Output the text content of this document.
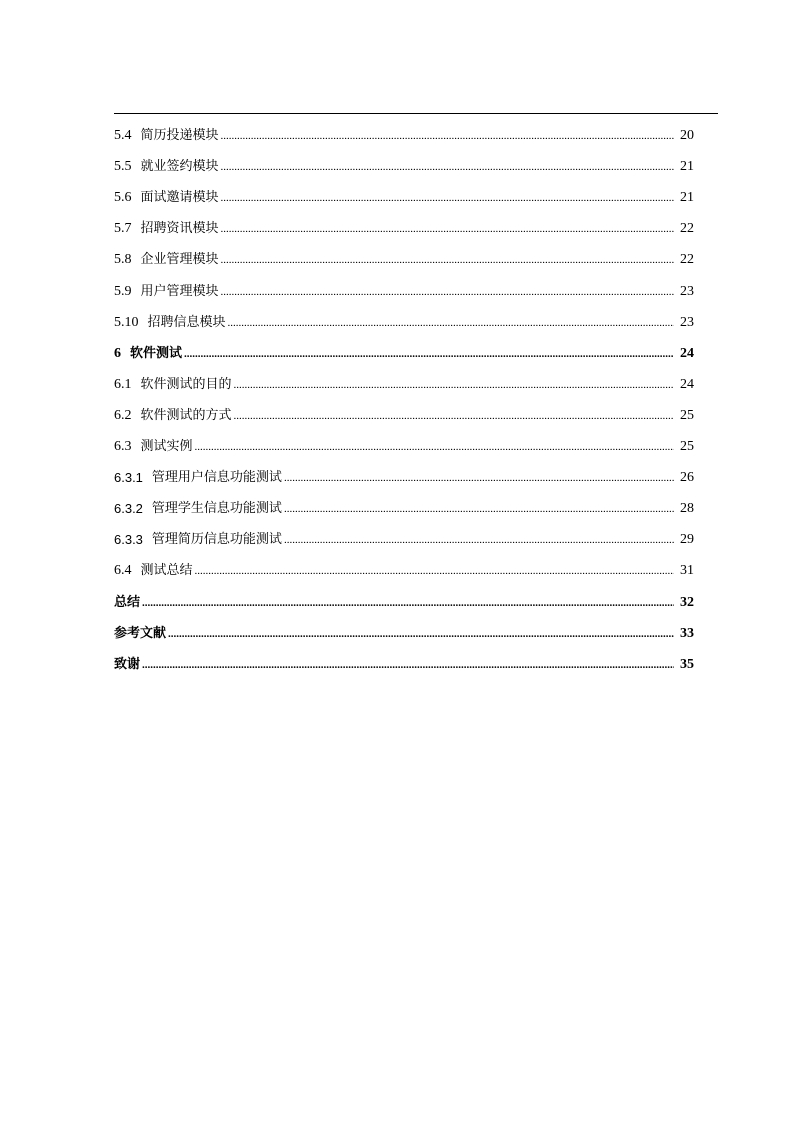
5.4 简历投递模块 .....	20
5.5 就业签约模块 .....	21
5.6 面试邀请模块 .....	21
5.7 招聘资讯模块 .....	22
5.8 企业管理模块 .....	22
5.9 用户管理模块 .....	23
5.10 招聘信息模块 .....	23
6 软件测试 .....	24
6.1 软件测试的目的 .....	24
6.2 软件测试的方式 .....	25
6.3 测试实例 .....	25
6.3.1 管理用户信息功能测试 .....	26
6.3.2 管理学生信息功能测试 .....	28
6.3.3 管理简历信息功能测试 .....	29
6.4 测试总结 .....	31
总结 .....	32
参考文献 .....	33
致谢 .....	35
